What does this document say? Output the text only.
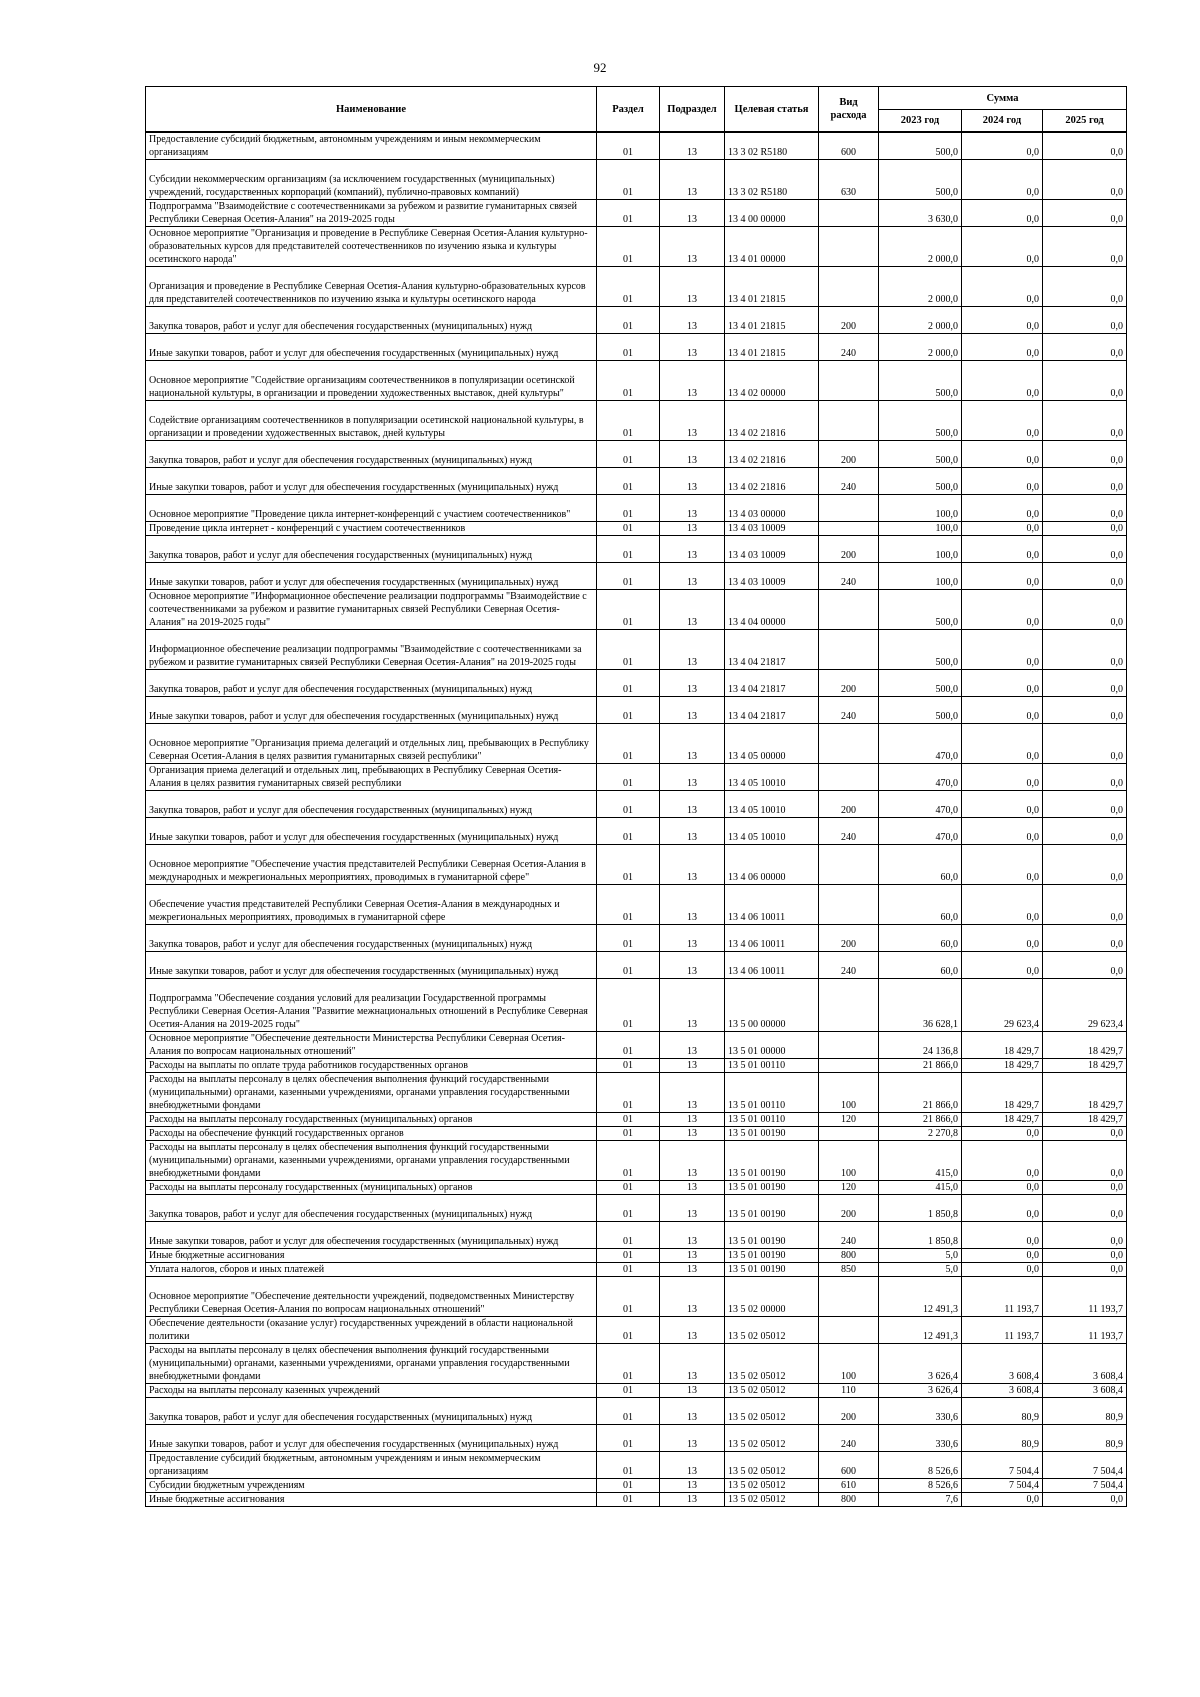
92
Наименование	Раздел	Подраздел	Целевая статья	Вид расхода	Сумма		
					2023 год	2024 год	2025 год
Предоставление субсидий бюджетным, автономным учреждениям и иным некоммерческим организациям	01	13	13 3 02 R5180	600	500,0	0,0	0,0
Субсидии некоммерческим организациям (за исключением государственных (муниципальных) учреждений, государственных корпораций (компаний), публично-правовых компаний)	01	13	13 3 02 R5180	630	500,0	0,0	0,0
Подпрограмма "Взаимодействие с соотечественниками за рубежом и развитие гуманитарных связей Республики Северная Осетия-Алания" на 2019-2025 годы	01	13	13 4 00 00000		3 630,0	0,0	0,0
Основное мероприятие "Организация и проведение в Республике Северная Осетия-Алания культурно-образовательных курсов для представителей соотечественников по изучению языка и культуры осетинского народа"	01	13	13 4 01 00000		2 000,0	0,0	0,0
Организация и проведение в Республике Северная Осетия-Алания культурно-образовательных курсов для представителей соотечественников по изучению языка и культуры осетинского народа	01	13	13 4 01 21815		2 000,0	0,0	0,0
Закупка товаров, работ и услуг для обеспечения государственных (муниципальных) нужд	01	13	13 4 01 21815	200	2 000,0	0,0	0,0
Иные закупки товаров, работ и услуг для обеспечения государственных (муниципальных) нужд	01	13	13 4 01 21815	240	2 000,0	0,0	0,0
Основное мероприятие "Содействие организациям соотечественников в популяризации осетинской национальной культуры, в организации и проведении художественных выставок, дней культуры"	01	13	13 4 02 00000		500,0	0,0	0,0
Содействие организациям соотечественников в популяризации осетинской национальной культуры, в организации и проведении художественных выставок, дней культуры	01	13	13 4 02 21816		500,0	0,0	0,0
Закупка товаров, работ и услуг для обеспечения государственных (муниципальных) нужд	01	13	13 4 02 21816	200	500,0	0,0	0,0
Иные закупки товаров, работ и услуг для обеспечения государственных (муниципальных) нужд	01	13	13 4 02 21816	240	500,0	0,0	0,0
Основное мероприятие "Проведение цикла интернет-конференций с участием соотечественников"	01	13	13 4 03 00000		100,0	0,0	0,0
Проведение цикла интернет - конференций с участием соотечественников	01	13	13 4 03 10009		100,0	0,0	0,0
Закупка товаров, работ и услуг для обеспечения государственных (муниципальных) нужд	01	13	13 4 03 10009	200	100,0	0,0	0,0
Иные закупки товаров, работ и услуг для обеспечения государственных (муниципальных) нужд	01	13	13 4 03 10009	240	100,0	0,0	0,0
Основное мероприятие "Информационное обеспечение реализации подпрограммы "Взаимодействие с соотечественниками за рубежом и развитие гуманитарных связей Республики Северная Осетия-Алания" на 2019-2025 годы"	01	13	13 4 04 00000		500,0	0,0	0,0
Информационное обеспечение реализации подпрограммы "Взаимодействие с соотечественниками за рубежом и развитие гуманитарных связей Республики Северная Осетия-Алания" на 2019-2025 годы	01	13	13 4 04 21817		500,0	0,0	0,0
Закупка товаров, работ и услуг для обеспечения государственных (муниципальных) нужд	01	13	13 4 04 21817	200	500,0	0,0	0,0
Иные закупки товаров, работ и услуг для обеспечения государственных (муниципальных) нужд	01	13	13 4 04 21817	240	500,0	0,0	0,0
Основное мероприятие "Организация приема делегаций и отдельных лиц, пребывающих в Республику Северная Осетия-Алания в целях развития гуманитарных связей республики"	01	13	13 4 05 00000		470,0	0,0	0,0
Организация приема делегаций и отдельных лиц, пребывающих в Республику Северная Осетия-Алания в целях развития гуманитарных связей республики	01	13	13 4 05 10010		470,0	0,0	0,0
Закупка товаров, работ и услуг для обеспечения государственных (муниципальных) нужд	01	13	13 4 05 10010	200	470,0	0,0	0,0
Иные закупки товаров, работ и услуг для обеспечения государственных (муниципальных) нужд	01	13	13 4 05 10010	240	470,0	0,0	0,0
Основное мероприятие "Обеспечение участия представителей Республики Северная Осетия-Алания в международных и межрегиональных мероприятиях, проводимых в гуманитарной сфере"	01	13	13 4 06 00000		60,0	0,0	0,0
Обеспечение участия представителей Республики Северная Осетия-Алания в международных и межрегиональных мероприятиях, проводимых в гуманитарной сфере	01	13	13 4 06 10011		60,0	0,0	0,0
Закупка товаров, работ и услуг для обеспечения государственных (муниципальных) нужд	01	13	13 4 06 10011	200	60,0	0,0	0,0
Иные закупки товаров, работ и услуг для обеспечения государственных (муниципальных) нужд	01	13	13 4 06 10011	240	60,0	0,0	0,0
Подпрограмма "Обеспечение создания условий для реализации Государственной программы Республики Северная Осетия-Алания "Развитие межнациональных отношений в Республике Северная Осетия-Алания на 2019-2025 годы"	01	13	13 5 00 00000		36 628,1	29 623,4	29 623,4
Основное мероприятие "Обеспечение деятельности Министерства Республики Северная Осетия-Алания по вопросам национальных отношений"	01	13	13 5 01 00000		24 136,8	18 429,7	18 429,7
Расходы на выплаты по оплате труда работников государственных органов	01	13	13 5 01 00110		21 866,0	18 429,7	18 429,7
Расходы на выплаты персоналу в целях обеспечения выполнения функций государственными (муниципальными) органами, казенными учреждениями, органами управления государственными внебюджетными фондами	01	13	13 5 01 00110	100	21 866,0	18 429,7	18 429,7
Расходы на выплаты персоналу государственных (муниципальных) органов	01	13	13 5 01 00110	120	21 866,0	18 429,7	18 429,7
Расходы на обеспечение функций государственных органов	01	13	13 5 01 00190		2 270,8	0,0	0,0
Расходы на выплаты персоналу в целях обеспечения выполнения функций государственными (муниципальными) органами, казенными учреждениями, органами управления государственными внебюджетными фондами	01	13	13 5 01 00190	100	415,0	0,0	0,0
Расходы на выплаты персоналу государственных (муниципальных) органов	01	13	13 5 01 00190	120	415,0	0,0	0,0
Закупка товаров, работ и услуг для обеспечения государственных (муниципальных) нужд	01	13	13 5 01 00190	200	1 850,8	0,0	0,0
Иные закупки товаров, работ и услуг для обеспечения государственных (муниципальных) нужд	01	13	13 5 01 00190	240	1 850,8	0,0	0,0
Иные бюджетные ассигнования	01	13	13 5 01 00190	800	5,0	0,0	0,0
Уплата налогов, сборов и иных платежей	01	13	13 5 01 00190	850	5,0	0,0	0,0
Основное мероприятие "Обеспечение деятельности учреждений, подведомственных Министерству Республики Северная Осетия-Алания по вопросам национальных отношений"	01	13	13 5 02 00000		12 491,3	11 193,7	11 193,7
Обеспечение деятельности (оказание услуг) государственных учреждений в области национальной политики	01	13	13 5 02 05012		12 491,3	11 193,7	11 193,7
Расходы на выплаты персоналу в целях обеспечения выполнения функций государственными (муниципальными) органами, казенными учреждениями, органами управления государственными внебюджетными фондами	01	13	13 5 02 05012	100	3 626,4	3 608,4	3 608,4
Расходы на выплаты персоналу казенных учреждений	01	13	13 5 02 05012	110	3 626,4	3 608,4	3 608,4
Закупка товаров, работ и услуг для обеспечения государственных (муниципальных) нужд	01	13	13 5 02 05012	200	330,6	80,9	80,9
Иные закупки товаров, работ и услуг для обеспечения государственных (муниципальных) нужд	01	13	13 5 02 05012	240	330,6	80,9	80,9
Предоставление субсидий бюджетным, автономным учреждениям и иным некоммерческим организациям	01	13	13 5 02 05012	600	8 526,6	7 504,4	7 504,4
Субсидии бюджетным учреждениям	01	13	13 5 02 05012	610	8 526,6	7 504,4	7 504,4
Иные бюджетные ассигнования	01	13	13 5 02 05012	800	7,6	0,0	0,0
